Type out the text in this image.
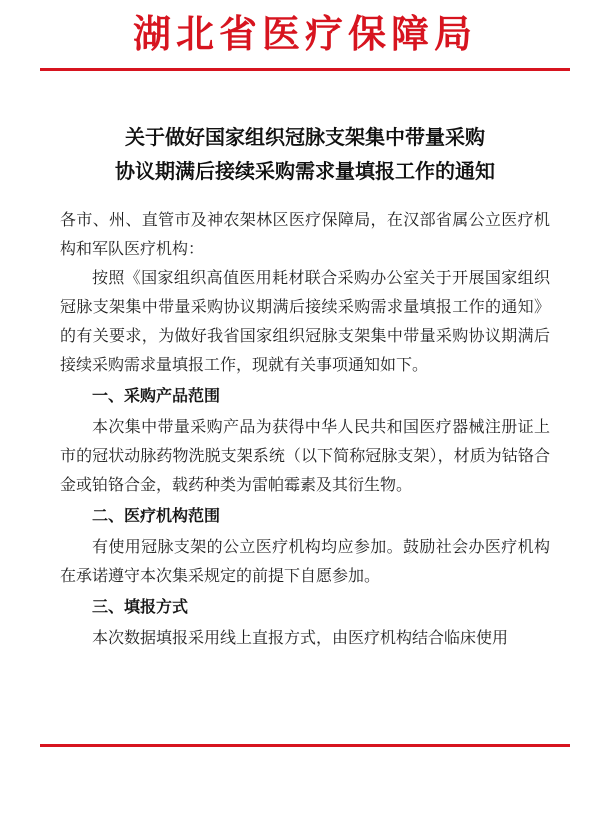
湖北省医疗保障局
关于做好国家组织冠脉支架集中带量采购
协议期满后接续采购需求量填报工作的通知

各市、州、直管市及神农架林区医疗保障局，在汉部省属公立医疗机构和军队医疗机构：

按照《国家组织高值医用耗材联合采购办公室关于开展国家组织冠脉支架集中带量采购协议期满后接续采购需求量填报工作的通知》的有关要求，为做好我省国家组织冠脉支架集中带量采购协议期满后接续采购需求量填报工作，现就有关事项通知如下。

一、采购产品范围

本次集中带量采购产品为获得中华人民共和国医疗器械注册证上市的冠状动脉药物洗脱支架系统（以下简称冠脉支架），材质为钴铬合金或铂铬合金，载药种类为雷帕霉素及其衍生物。

二、医疗机构范围

有使用冠脉支架的公立医疗机构均应参加。鼓励社会办医疗机构在承诺遵守本次集采规定的前提下自愿参加。

三、填报方式

本次数据填报采用线上直报方式，由医疗机构结合临床使用
